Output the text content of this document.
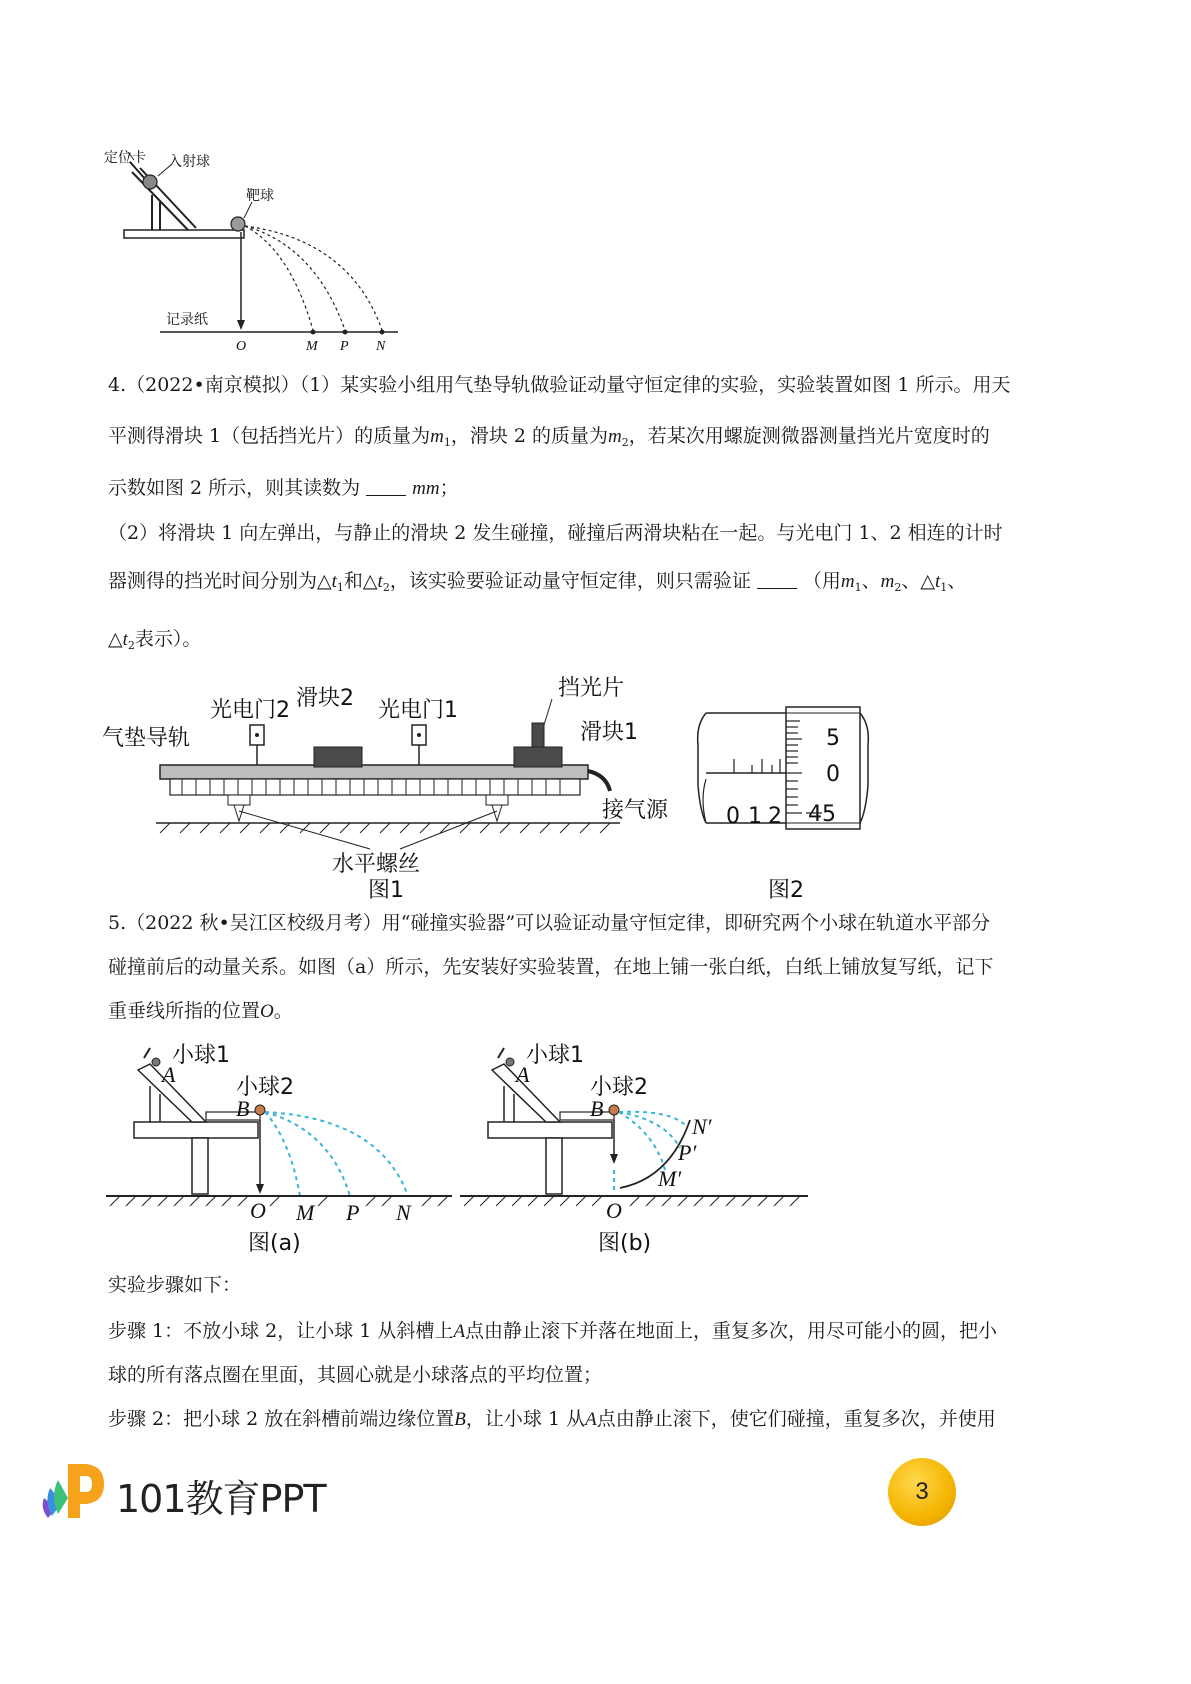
定位卡 入射球
靶球
记录纸
O	M P N
4.（2022•南京模拟）（1）某实验小组用气垫导轨做验证动量守恒定律的实验，实验装置如图 1 所示。用天
平测得滑块 1（包括挡光片）的质量为$m_1$，滑块 2 的质量为$m_2$，若某次用螺旋测微器测量挡光片宽度时的
示数如图 2 所示，则其读数为	mm；
（2）将滑块 1 向左弹出，与静止的滑块 2 发生碰撞，碰撞后两滑块粘在一起。与光电门 1、2 相连的计时
器测得的挡光时间分别为$\triangle t_1$和$\triangle t_2$，该实验要验证动量守恒定律，则只需验证	（用$m_1$、$m_2$、$\triangle t_1$、
$\triangle t_2$表示）。
气垫导轨
光电门2 滑块2 光电门1
挡光片
滑块1
接气源
水平螺丝
图1
5
0
45
0 1 2
图2
5.（2022 秋•吴江区校级月考）用“碰撞实验器”可以验证动量守恒定律，即研究两个小球在轨道水平部分
碰撞前后的动量关系。如图（a）所示，先安装好实验装置，在地上铺一张白纸，白纸上铺放复写纸，记下
重垂线所指的位置O。
小球1
A
小球2
B
O M P N
图(a)
小球1
A
小球2
B
N′
P′
M′
O
图(b)
实验步骤如下：
步骤 1：不放小球 2，让小球 1 从斜槽上A点由静止滚下并落在地面上，重复多次，用尽可能小的圆，把小
球的所有落点圈在里面，其圆心就是小球落点的平均位置；
步骤 2：把小球 2 放在斜槽前端边缘位置B，让小球 1 从A点由静止滚下，使它们碰撞，重复多次，并使用
101教育PPT	3
